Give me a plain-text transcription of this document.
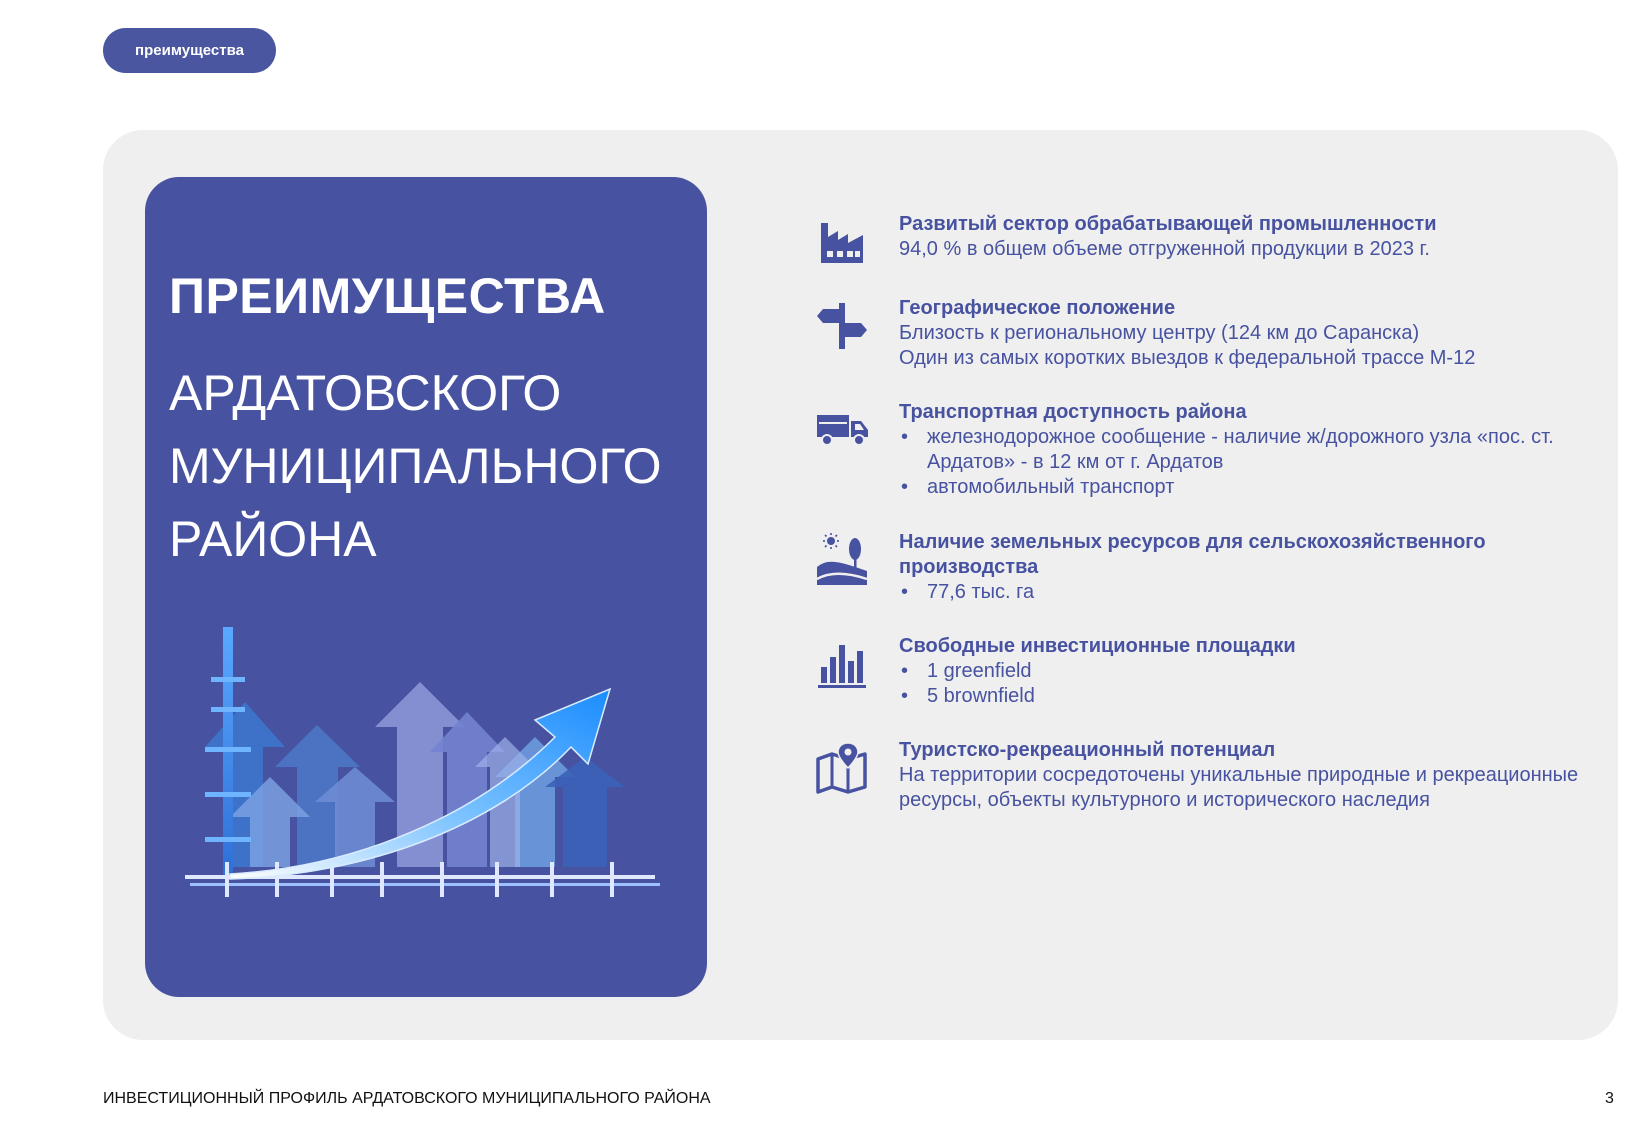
преимущества
ПРЕИМУЩЕСТВА
АРДАТОВСКОГО
МУНИЦИПАЛЬНОГО
РАЙОНА
Развитый сектор обрабатывающей промышленности
94,0 % в общем объеме отгруженной продукции в 2023 г.
Географическое положение
Близость к региональному центру (124 км до Саранска)
Один из самых коротких выездов к федеральной трассе М-12
Транспортная доступность района
• железнодорожное сообщение - наличие ж/дорожного узла «пос. ст. Ардатов» - в 12 км от г. Ардатов
• автомобильный транспорт
Наличие земельных ресурсов для сельскохозяйственного производства
• 77,6 тыс. га
Свободные инвестиционные площадки
• 1 greenfield
• 5 brownfield
Туристско-рекреационный потенциал
На территории сосредоточены уникальные природные и рекреационные ресурсы, объекты культурного и исторического наследия
ИНВЕСТИЦИОННЫЙ ПРОФИЛЬ АРДАТОВСКОГО МУНИЦИПАЛЬНОГО РАЙОНА	3
